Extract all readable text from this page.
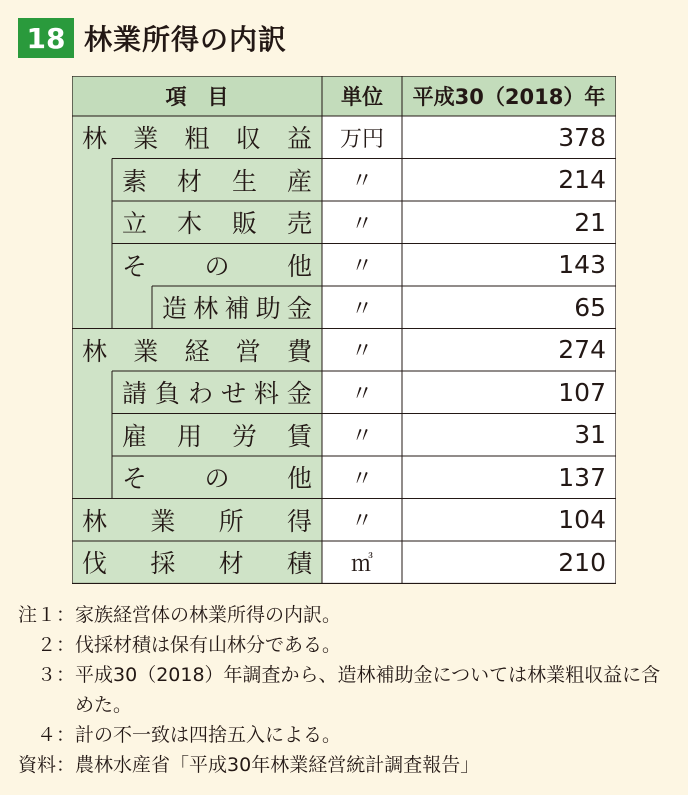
18 林業所得の内訳
項　目	単位	平成30（2018）年
林 業 粗 収 益	万円	378
素 材 生 産	〃	214
立 木 販 売	〃	21
そ の 他	〃	143
造 林 補 助 金	〃	65
林 業 経 営 費	〃	274
請 負 わ せ 料 金	〃	107
雇 用 労 賃	〃	31
そ の 他	〃	137
林 業 所 得	〃	104
伐 採 材 積	㎥	210
注１： 家族経営体の林業所得の内訳。
　２： 伐採材積は保有山林分である。
　３： 平成30（2018）年調査から、造林補助金については林業粗収益に含めた。
　４： 計の不一致は四捨五入による。
資料： 農林水産省「平成30年林業経営統計調査報告」
